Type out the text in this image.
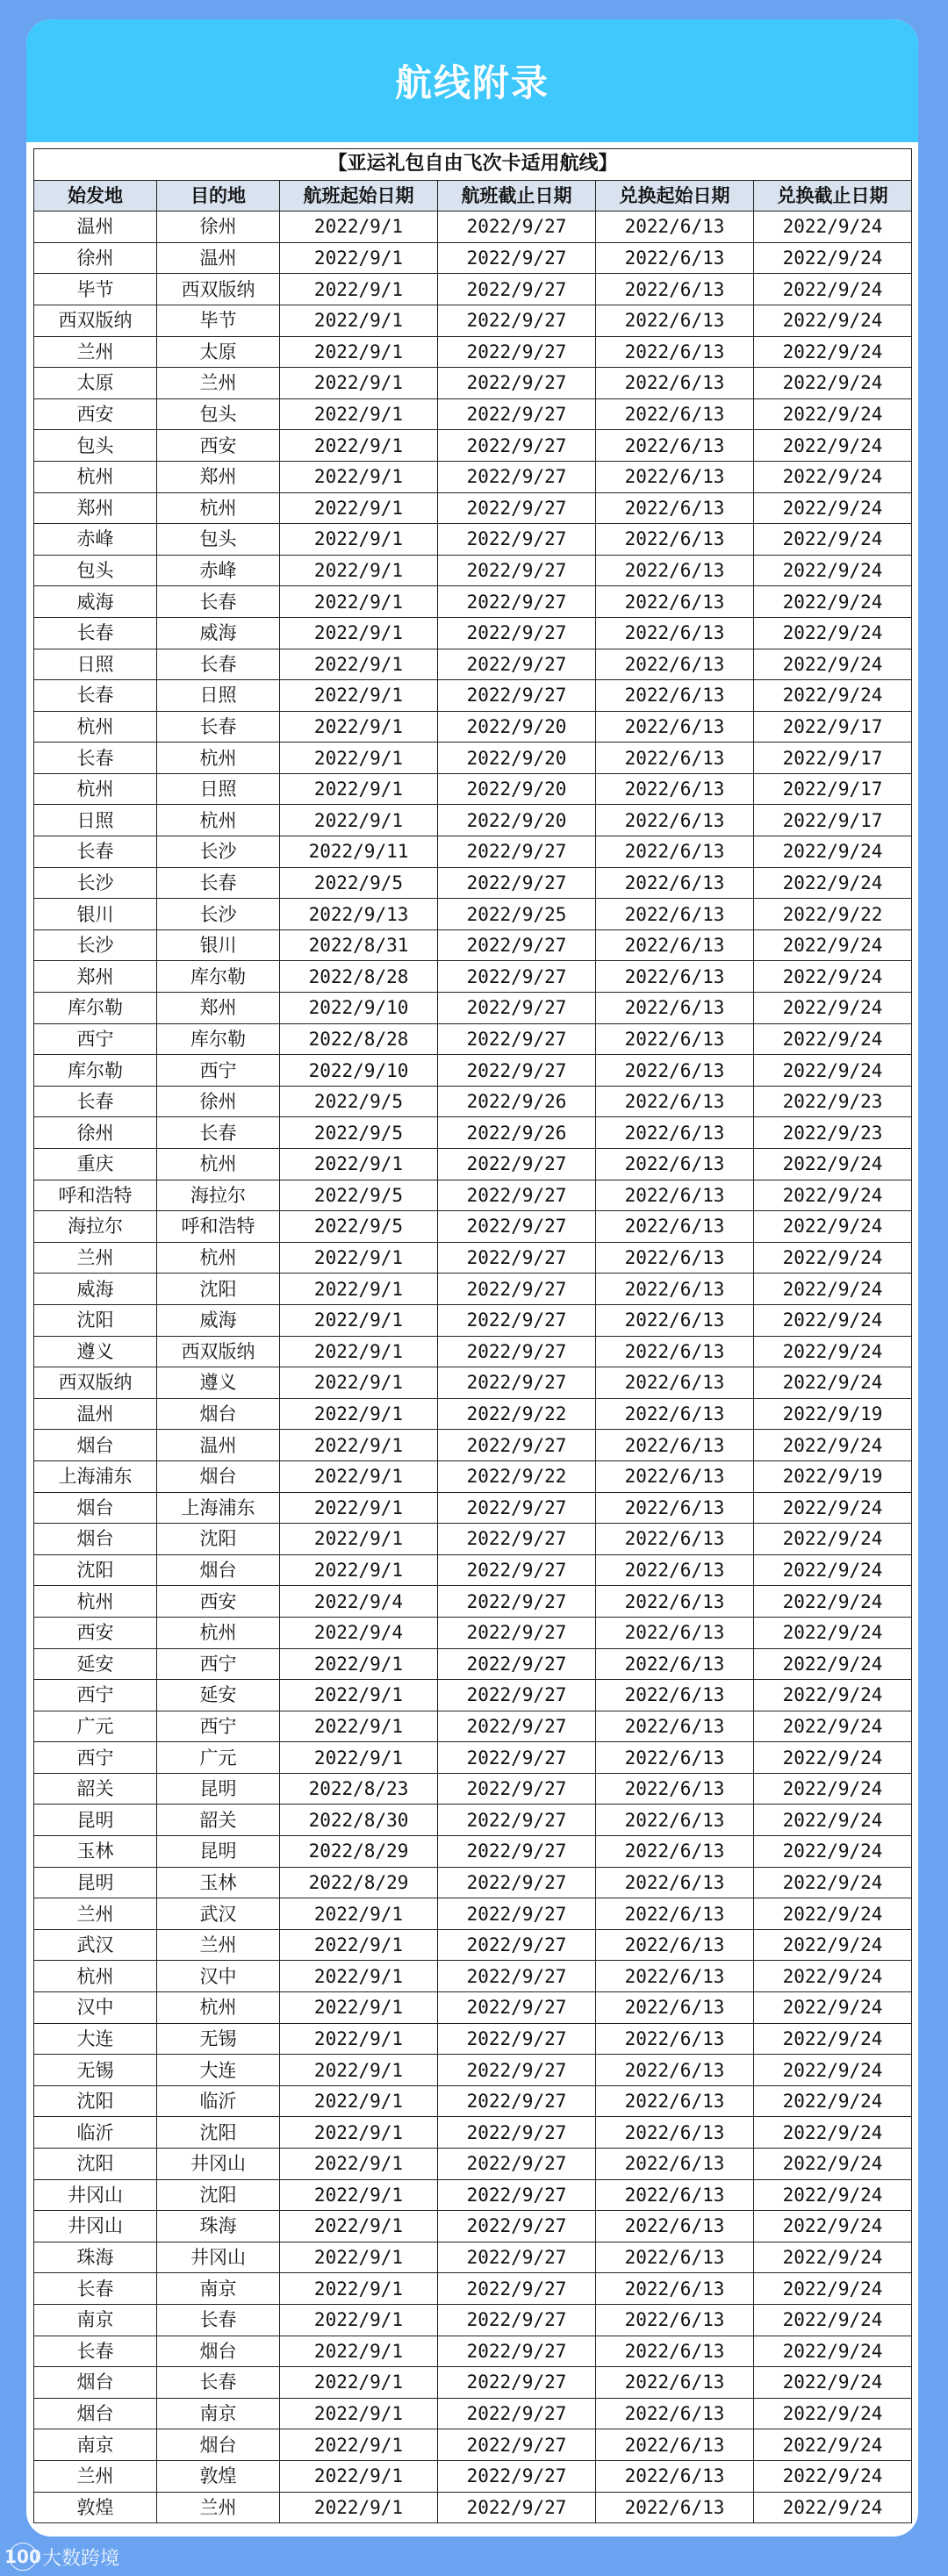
航线附录
【亚运礼包自由飞次卡适用航线】					
始发地	目的地	航班起始日期	航班截止日期	兑换起始日期	兑换截止日期
温州	徐州	2022/9/1	2022/9/27	2022/6/13	2022/9/24
徐州	温州	2022/9/1	2022/9/27	2022/6/13	2022/9/24
毕节	西双版纳	2022/9/1	2022/9/27	2022/6/13	2022/9/24
西双版纳	毕节	2022/9/1	2022/9/27	2022/6/13	2022/9/24
兰州	太原	2022/9/1	2022/9/27	2022/6/13	2022/9/24
太原	兰州	2022/9/1	2022/9/27	2022/6/13	2022/9/24
西安	包头	2022/9/1	2022/9/27	2022/6/13	2022/9/24
包头	西安	2022/9/1	2022/9/27	2022/6/13	2022/9/24
杭州	郑州	2022/9/1	2022/9/27	2022/6/13	2022/9/24
郑州	杭州	2022/9/1	2022/9/27	2022/6/13	2022/9/24
赤峰	包头	2022/9/1	2022/9/27	2022/6/13	2022/9/24
包头	赤峰	2022/9/1	2022/9/27	2022/6/13	2022/9/24
威海	长春	2022/9/1	2022/9/27	2022/6/13	2022/9/24
长春	威海	2022/9/1	2022/9/27	2022/6/13	2022/9/24
日照	长春	2022/9/1	2022/9/27	2022/6/13	2022/9/24
长春	日照	2022/9/1	2022/9/27	2022/6/13	2022/9/24
杭州	长春	2022/9/1	2022/9/20	2022/6/13	2022/9/17
长春	杭州	2022/9/1	2022/9/20	2022/6/13	2022/9/17
杭州	日照	2022/9/1	2022/9/20	2022/6/13	2022/9/17
日照	杭州	2022/9/1	2022/9/20	2022/6/13	2022/9/17
长春	长沙	2022/9/11	2022/9/27	2022/6/13	2022/9/24
长沙	长春	2022/9/5	2022/9/27	2022/6/13	2022/9/24
银川	长沙	2022/9/13	2022/9/25	2022/6/13	2022/9/22
长沙	银川	2022/8/31	2022/9/27	2022/6/13	2022/9/24
郑州	库尔勒	2022/8/28	2022/9/27	2022/6/13	2022/9/24
库尔勒	郑州	2022/9/10	2022/9/27	2022/6/13	2022/9/24
西宁	库尔勒	2022/8/28	2022/9/27	2022/6/13	2022/9/24
库尔勒	西宁	2022/9/10	2022/9/27	2022/6/13	2022/9/24
长春	徐州	2022/9/5	2022/9/26	2022/6/13	2022/9/23
徐州	长春	2022/9/5	2022/9/26	2022/6/13	2022/9/23
重庆	杭州	2022/9/1	2022/9/27	2022/6/13	2022/9/24
呼和浩特	海拉尔	2022/9/5	2022/9/27	2022/6/13	2022/9/24
海拉尔	呼和浩特	2022/9/5	2022/9/27	2022/6/13	2022/9/24
兰州	杭州	2022/9/1	2022/9/27	2022/6/13	2022/9/24
威海	沈阳	2022/9/1	2022/9/27	2022/6/13	2022/9/24
沈阳	威海	2022/9/1	2022/9/27	2022/6/13	2022/9/24
遵义	西双版纳	2022/9/1	2022/9/27	2022/6/13	2022/9/24
西双版纳	遵义	2022/9/1	2022/9/27	2022/6/13	2022/9/24
温州	烟台	2022/9/1	2022/9/22	2022/6/13	2022/9/19
烟台	温州	2022/9/1	2022/9/27	2022/6/13	2022/9/24
上海浦东	烟台	2022/9/1	2022/9/22	2022/6/13	2022/9/19
烟台	上海浦东	2022/9/1	2022/9/27	2022/6/13	2022/9/24
烟台	沈阳	2022/9/1	2022/9/27	2022/6/13	2022/9/24
沈阳	烟台	2022/9/1	2022/9/27	2022/6/13	2022/9/24
杭州	西安	2022/9/4	2022/9/27	2022/6/13	2022/9/24
西安	杭州	2022/9/4	2022/9/27	2022/6/13	2022/9/24
延安	西宁	2022/9/1	2022/9/27	2022/6/13	2022/9/24
西宁	延安	2022/9/1	2022/9/27	2022/6/13	2022/9/24
广元	西宁	2022/9/1	2022/9/27	2022/6/13	2022/9/24
西宁	广元	2022/9/1	2022/9/27	2022/6/13	2022/9/24
韶关	昆明	2022/8/23	2022/9/27	2022/6/13	2022/9/24
昆明	韶关	2022/8/30	2022/9/27	2022/6/13	2022/9/24
玉林	昆明	2022/8/29	2022/9/27	2022/6/13	2022/9/24
昆明	玉林	2022/8/29	2022/9/27	2022/6/13	2022/9/24
兰州	武汉	2022/9/1	2022/9/27	2022/6/13	2022/9/24
武汉	兰州	2022/9/1	2022/9/27	2022/6/13	2022/9/24
杭州	汉中	2022/9/1	2022/9/27	2022/6/13	2022/9/24
汉中	杭州	2022/9/1	2022/9/27	2022/6/13	2022/9/24
大连	无锡	2022/9/1	2022/9/27	2022/6/13	2022/9/24
无锡	大连	2022/9/1	2022/9/27	2022/6/13	2022/9/24
沈阳	临沂	2022/9/1	2022/9/27	2022/6/13	2022/9/24
临沂	沈阳	2022/9/1	2022/9/27	2022/6/13	2022/9/24
沈阳	井冈山	2022/9/1	2022/9/27	2022/6/13	2022/9/24
井冈山	沈阳	2022/9/1	2022/9/27	2022/6/13	2022/9/24
井冈山	珠海	2022/9/1	2022/9/27	2022/6/13	2022/9/24
珠海	井冈山	2022/9/1	2022/9/27	2022/6/13	2022/9/24
长春	南京	2022/9/1	2022/9/27	2022/6/13	2022/9/24
南京	长春	2022/9/1	2022/9/27	2022/6/13	2022/9/24
长春	烟台	2022/9/1	2022/9/27	2022/6/13	2022/9/24
烟台	长春	2022/9/1	2022/9/27	2022/6/13	2022/9/24
烟台	南京	2022/9/1	2022/9/27	2022/6/13	2022/9/24
南京	烟台	2022/9/1	2022/9/27	2022/6/13	2022/9/24
兰州	敦煌	2022/9/1	2022/9/27	2022/6/13	2022/9/24
敦煌	兰州	2022/9/1	2022/9/27	2022/6/13	2022/9/24
100 大数跨境
